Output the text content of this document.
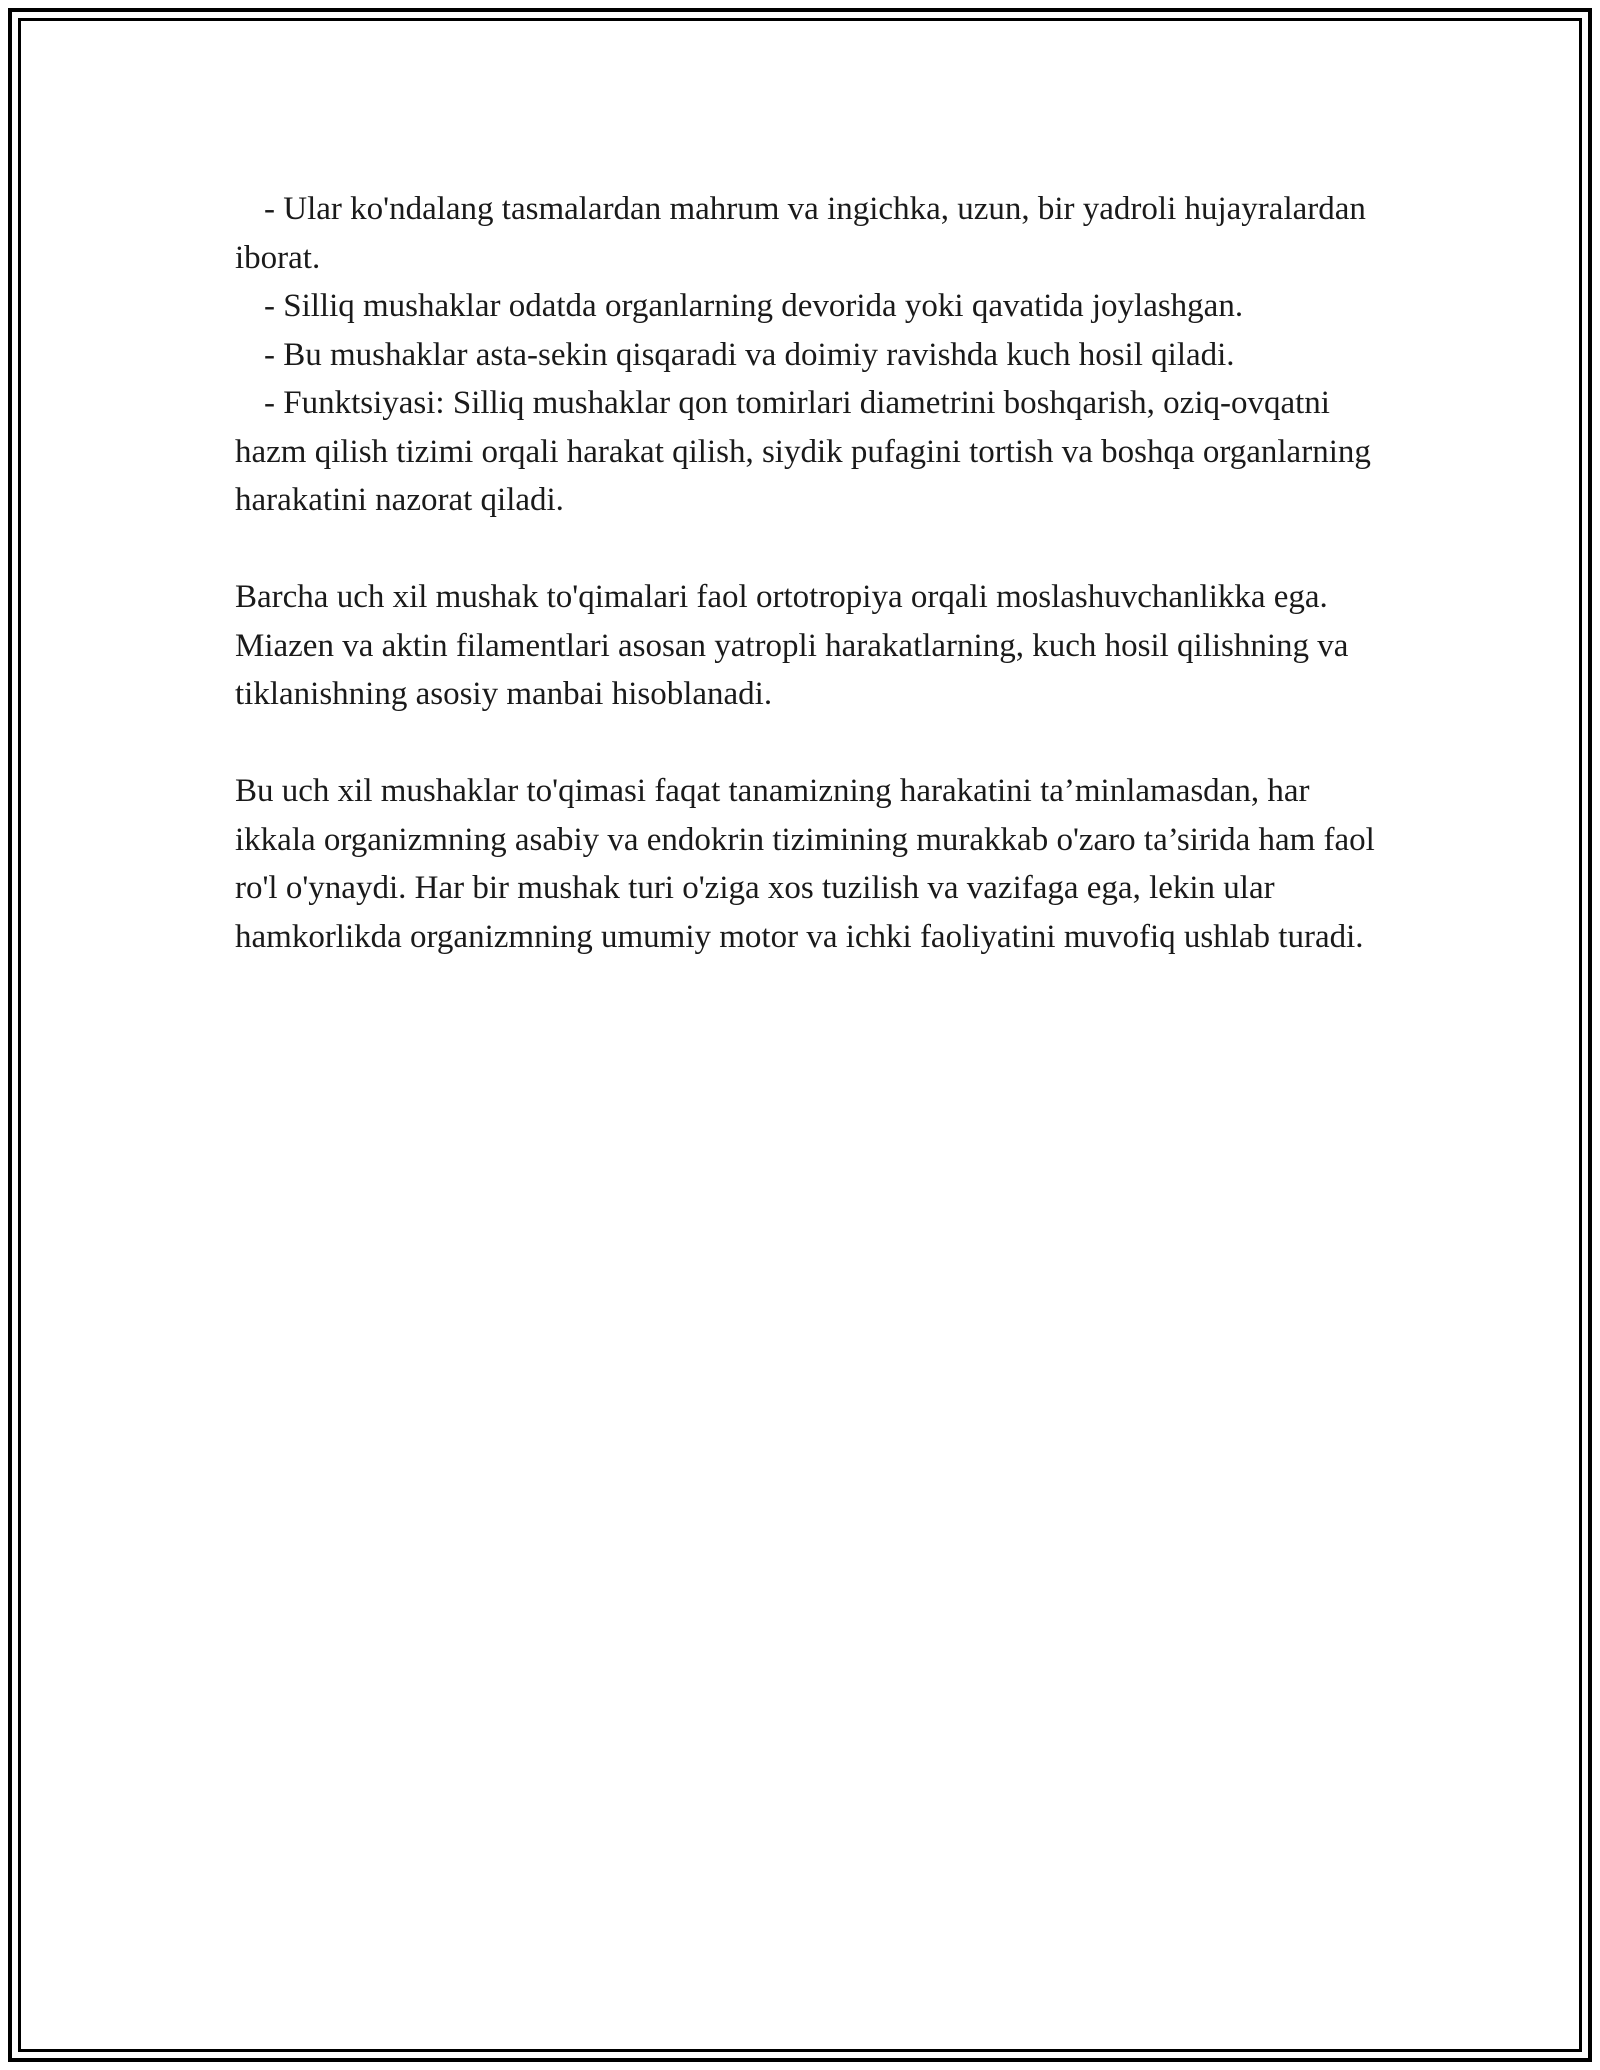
- Ular ko'ndalang tasmalardan mahrum va ingichka, uzun, bir yadroli hujayralardan iborat.

- Silliq mushaklar odatda organlarning devorida yoki qavatida joylashgan.

- Bu mushaklar asta-sekin qisqaradi va doimiy ravishda kuch hosil qiladi.

- Funktsiyasi: Silliq mushaklar qon tomirlari diametrini boshqarish, oziq-ovqatni hazm qilish tizimi orqali harakat qilish, siydik pufagini tortish va boshqa organlarning harakatini nazorat qiladi.

Barcha uch xil mushak to'qimalari faol ortotropiya orqali moslashuvchanlikka ega. Miazen va aktin filamentlari asosan yatropli harakatlarning, kuch hosil qilishning va tiklanishning asosiy manbai hisoblanadi.

Bu uch xil mushaklar to'qimasi faqat tanamizning harakatini ta’minlamasdan, har ikkala organizmning asabiy va endokrin tizimining murakkab o'zaro ta’sirida ham faol ro'l o'ynaydi. Har bir mushak turi o'ziga xos tuzilish va vazifaga ega, lekin ular hamkorlikda organizmning umumiy motor va ichki faoliyatini muvofiq ushlab turadi.
